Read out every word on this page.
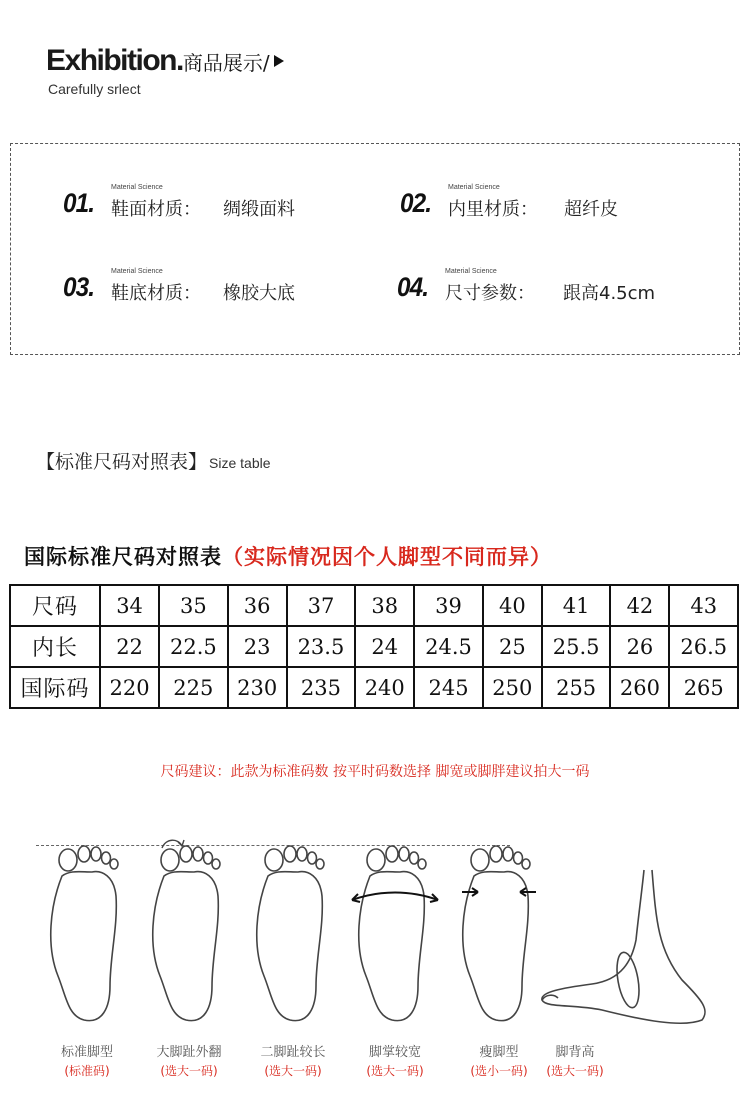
Exhibition.商品展示/
Carefully srlect
01.
Material Science
鞋面材质： 绸缎面料	02.
Material Science
内里材质： 超纤皮
03.
Material Science
鞋底材质： 橡胶大底	04.
Material Science
尺寸参数： 跟高4.5cm
【标准尺码对照表】 Size table
国际标准尺码对照表（实际情况因个人脚型不同而异）
尺码	34	35	36	37	38	39	40	41	42	43
内长	22	22.5	23	23.5	24	24.5	25	25.5	26	26.5
国际码	220	225	230	235	240	245	250	255	260	265
尺码建议：此款为标准码数 按平时码数选择 脚宽或脚胖建议拍大一码
标准脚型
(标准码)
大脚趾外翻
(选大一码)
二脚趾较长
(选大一码)
脚掌较宽
(选大一码)
瘦脚型
(选小一码)
脚背高
(选大一码)
